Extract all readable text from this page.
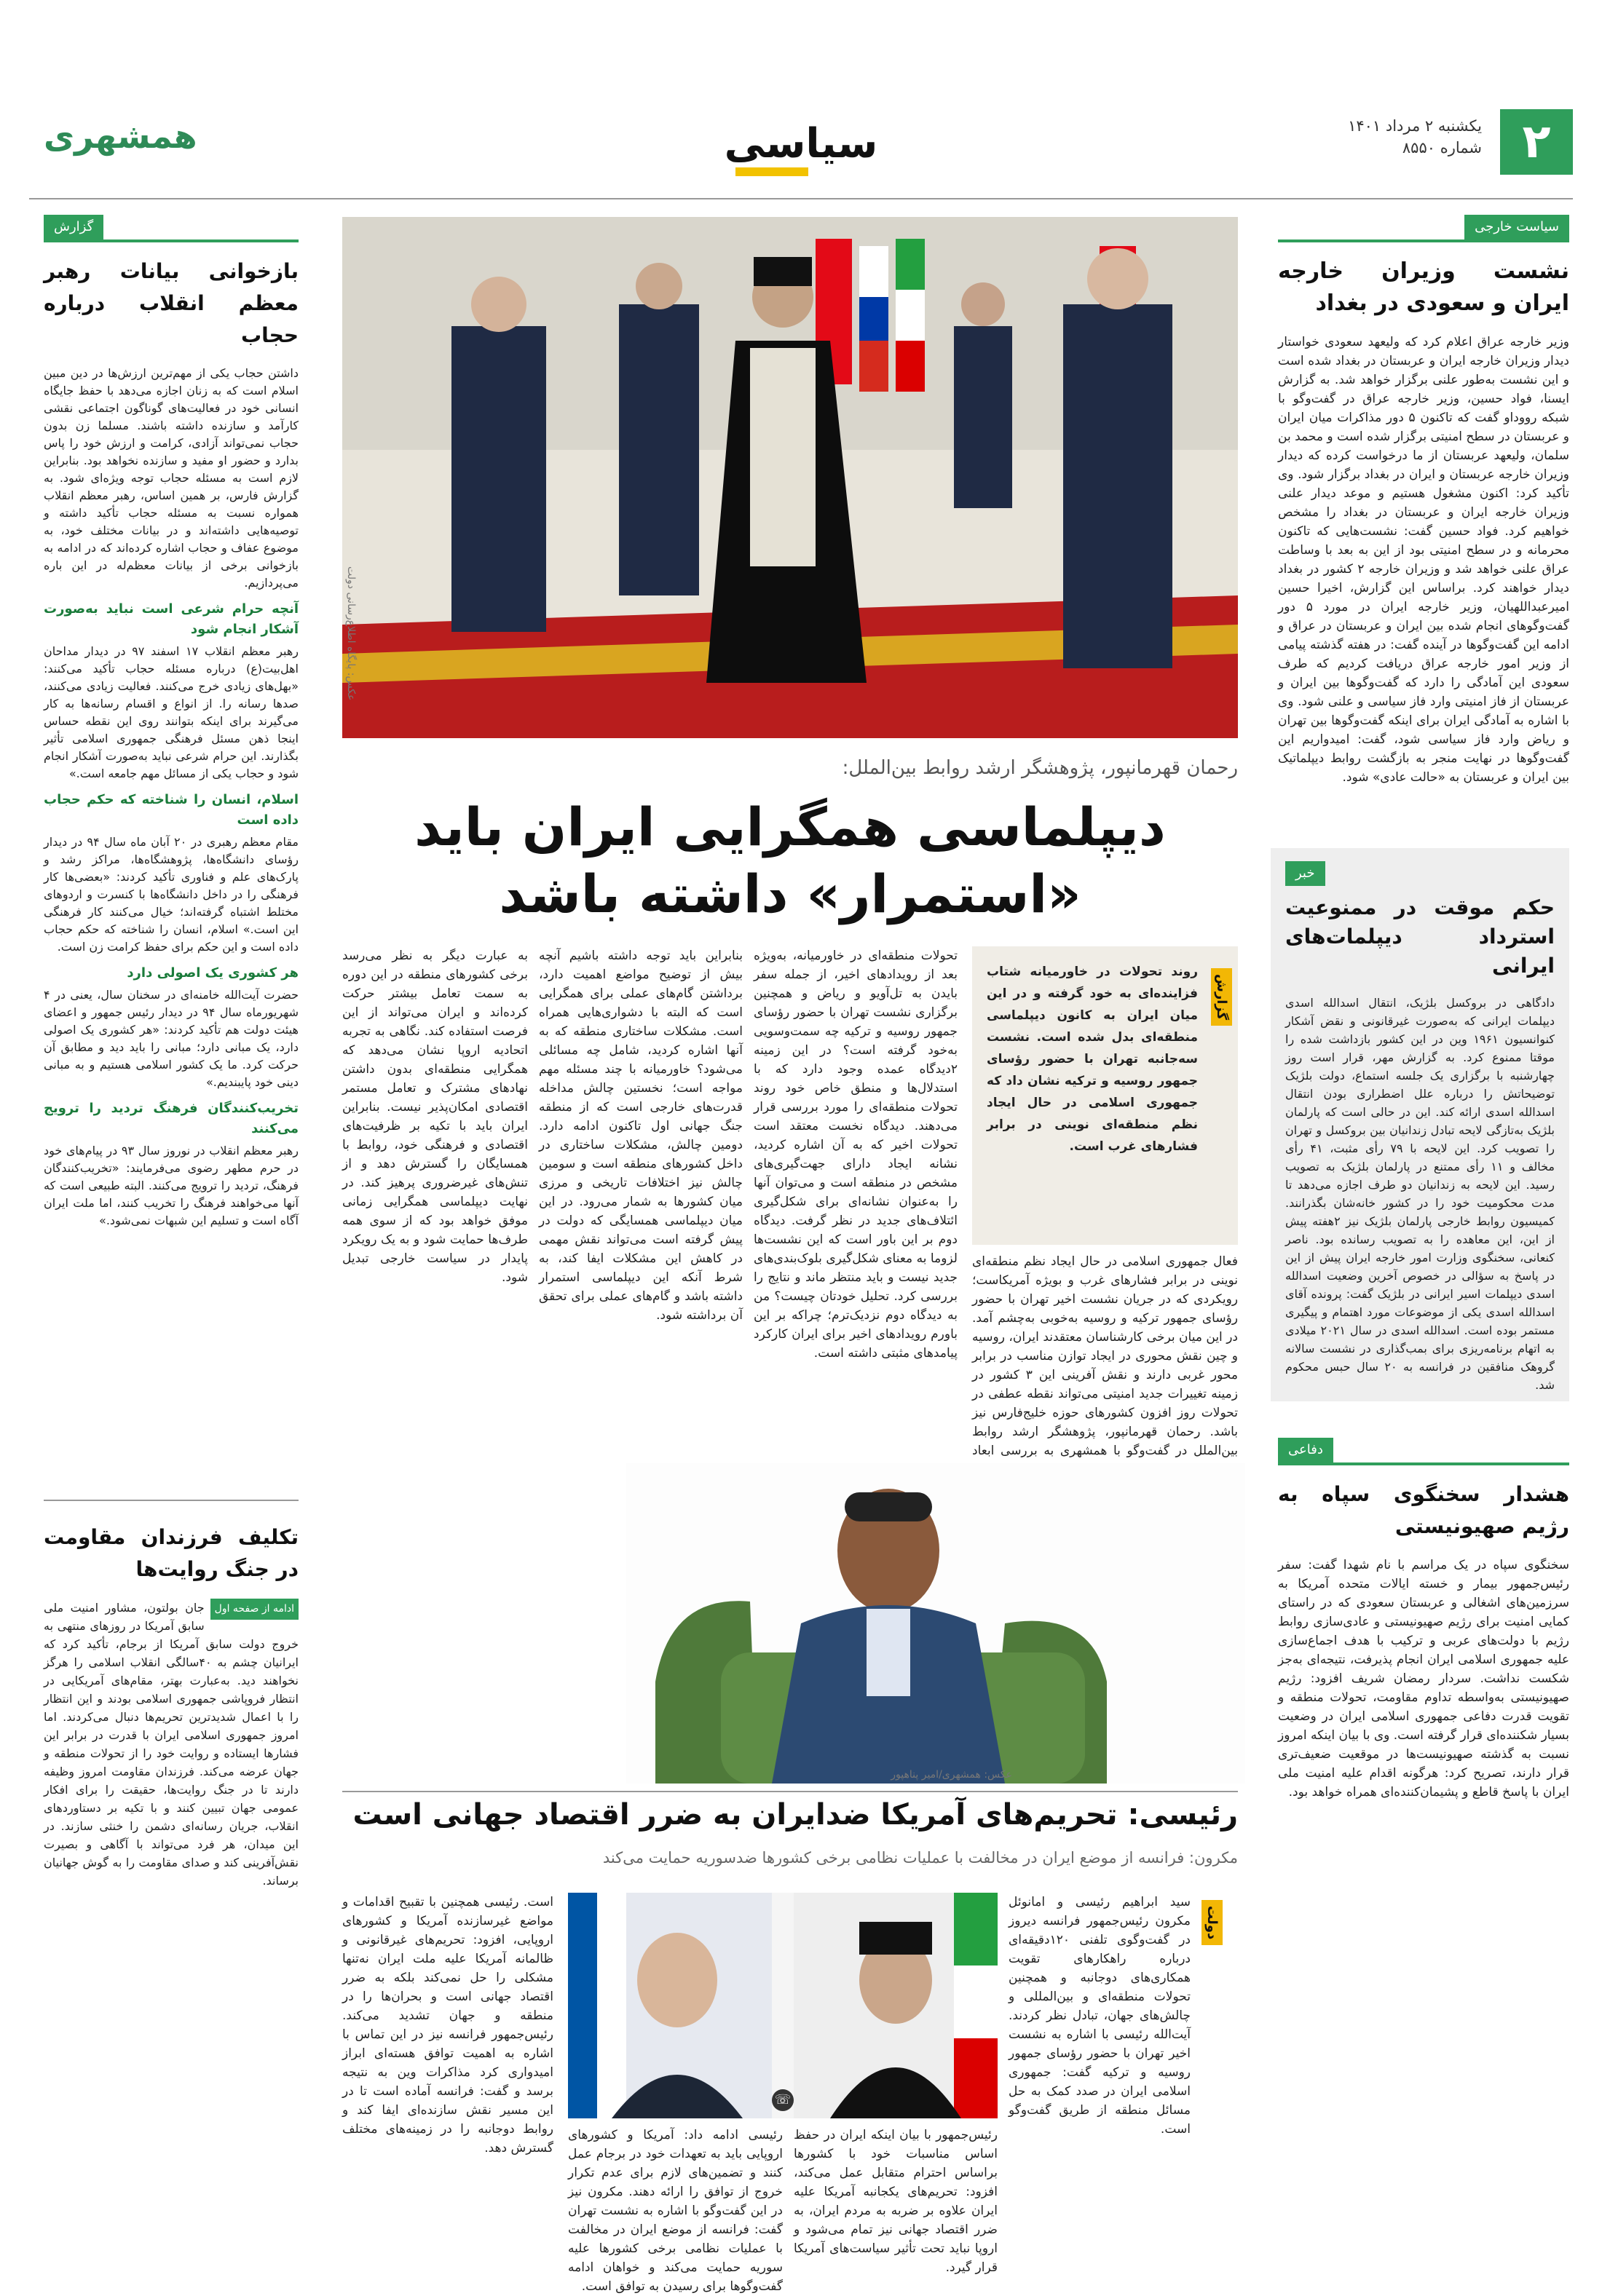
۲
یکشنبه ۲ مرداد ۱۴۰۱
شماره ۸۵۵۰
سیاسی
همشهری
سیاست خارجی
نشست وزیران خارجه ایران و سعودی در بغداد
وزیر خارجه عراق اعلام کرد که ولیعهد سعودی خواستار دیدار وزیران خارجه ایران و عربستان در بغداد شده است و این نشست به‌طور علنی برگزار خواهد شد. به گزارش ایسنا، فواد حسین، وزیر خارجه عراق در گفت‌وگو با شبکه رووداو گفت که تاکنون ۵ دور مذاکرات میان ایران و عربستان در سطح امنیتی برگزار شده است و محمد بن سلمان، ولیعهد عربستان از ما درخواست کرده که دیدار وزیران خارجه عربستان و ایران در بغداد برگزار شود. وی تأکید کرد: اکنون مشغول هستیم و موعد دیدار علنی وزیران خارجه ایران و عربستان در بغداد را مشخص خواهیم کرد. فواد حسین گفت: نشست‌هایی که تاکنون محرمانه و در سطح امنیتی بود از این به بعد با وساطت عراق علنی خواهد شد و وزیران خارجه ۲ کشور در بغداد دیدار خواهند کرد. براساس این گزارش، اخیرا حسین امیرعبداللهیان، وزیر خارجه ایران در مورد ۵ دور گفت‌وگوهای انجام شده بین ایران و عربستان در عراق و ادامه این گفت‌وگوها در آینده گفت: در هفته گذشته پیامی از وزیر امور خارجه عراق دریافت کردیم که طرف سعودی این آمادگی را دارد که گفت‌وگوها بین ایران و عربستان از فاز امنیتی وارد فاز سیاسی و علنی شود. وی با اشاره به آمادگی ایران برای اینکه گفت‌وگوها بین تهران و ریاض وارد فاز سیاسی شود، گفت: امیدواریم این گفت‌وگوها در نهایت منجر به بازگشت روابط دیپلماتیک بین ایران و عربستان به «حالت عادی» شود.
خبر
حکم موقت در ممنوعیت استرداد دیپلمات‌های ایرانی
دادگاهی در بروکسل بلژیک، انتقال اسدالله اسدی دیپلمات ایرانی که به‌صورت غیرقانونی و نقض آشکار کنوانسیون ۱۹۶۱ وین در این کشور بازداشت شده را موقتا ممنوع کرد. به گزارش مهر، قرار است روز چهارشنبه با برگزاری یک جلسه استماع، دولت بلژیک توضیحاتش را درباره علل اضطراری بودن انتقال اسدالله اسدی ارائه کند. این در حالی است که پارلمان بلژیک به‌تازگی لایحه تبادل زندانیان بین بروکسل و تهران را تصویب کرد. این لایحه با ۷۹ رأی مثبت، ۴۱ رأی مخالف و ۱۱ رأی ممتنع در پارلمان بلژیک به تصویب رسید. این لایحه به زندانیان دو طرف اجازه می‌دهد تا مدت محکومیت خود را در کشور خانه‌شان بگذرانند. کمیسیون روابط خارجی پارلمان بلژیک نیز ۲هفته پیش از این، این معاهده را به تصویب رسانده بود. ناصر کنعانی، سخنگوی وزارت امور خارجه ایران پیش از این در پاسخ به سؤالی در خصوص آخرین وضعیت اسدالله اسدی دیپلمات اسیر ایرانی در بلژیک گفت: پرونده آقای اسدالله اسدی یکی از موضوعات مورد اهتمام و پیگیری مستمر بوده است. اسدالله اسدی در سال ۲۰۲۱ میلادی به اتهام برنامه‌ریزی برای بمب‌گذاری در نشست سالانه گروهک منافقین در فرانسه به ۲۰ سال حبس محکوم شد.
دفاعی
هشدار سخنگوی سپاه به رژیم صهیونیستی
سخنگوی سپاه در یک مراسم با نام شهدا گفت: سفر رئیس‌جمهور بیمار و خسته ایالات متحده آمریکا به سرزمین‌های اشغالی و عربستان سعودی که در راستای کمایی امنیت برای رژیم صهیونیستی و عادی‌سازی روابط رژیم با دولت‌های عربی و ترکیب با هدف اجماع‌سازی علیه جمهوری اسلامی ایران انجام پذیرفت، نتیجه‌ای به‌جز شکست نداشت. سردار رمضان شریف افزود: رژیم صهیونیستی به‌واسطه تداوم مقاومت، تحولات منطقه و تقویت قدرت دفاعی جمهوری اسلامی ایران در وضعیت بسیار شکننده‌ای قرار گرفته است. وی با بیان اینکه امروز نسبت به گذشته صهیونیست‌ها در موقعیت ضعیف‌تری قرار دارند، تصریح کرد: هرگونه اقدام علیه امنیت ملی ایران با پاسخ قاطع و پشیمان‌کننده‌ای همراه خواهد بود.
گزارش
بازخوانی بیانات رهبر معظم انقلاب درباره حجاب
داشتن حجاب یکی از مهم‌ترین ارزش‌ها در دین مبین اسلام است که به زنان اجازه می‌دهد با حفظ جایگاه انسانی خود در فعالیت‌های گوناگون اجتماعی نقشی کارآمد و سازنده داشته باشند. مسلما زن بدون حجاب نمی‌تواند آزادی، کرامت و ارزش خود را پاس بدارد و حضور او مفید و سازنده نخواهد بود. بنابراین لازم است به مسئله حجاب توجه ویژه‌ای شود. به گزارش فارس، بر همین اساس، رهبر معظم انقلاب همواره نسبت به مسئله حجاب تأکید داشته و توصیه‌هایی داشته‌اند و در بیانات مختلف خود، به موضوع عفاف و حجاب اشاره کرده‌اند که در ادامه به بازخوانی برخی از بیانات معظم‌له در این باره می‌پردازیم.
آنچه حرام شرعی است نباید به‌صورت آشکار انجام شود
رهبر معظم انقلاب ۱۷ اسفند ۹۷ در دیدار مداحان اهل‌بیت(ع) درباره مسئله حجاب تأکید می‌کنند: «بهل‌های زیادی خرج می‌کنند. فعالیت زیادی می‌کنند، صدها رسانه را. از انواع و اقسام رسانه‌ها به کار می‌گیرند برای اینکه بتوانند روی این نقطه حساس اینجا ذهن مسئل فرهنگی جمهوری اسلامی تأثیر بگذارند. این حرام شرعی نباید به‌صورت آشکار انجام شود و حجاب یکی از مسائل مهم جامعه است.»
اسلام، انسان را شناخته که حکم حجاب داده است
مقام معظم رهبری در ۲۰ آبان ماه سال ۹۴ در دیدار رؤسای دانشگاه‌ها، پژوهشگاه‌ها، مراکز رشد و پارک‌های علم و فناوری تأکید کردند: «بعضی‌ها کار فرهنگی را در داخل دانشگاه‌ها با کنسرت و اردوهای مختلط اشتباه گرفته‌اند؛ خیال می‌کنند کار فرهنگی این است.» اسلام، انسان را شناخته که حکم حجاب داده است و این حکم برای حفظ کرامت زن است.
هر کشوری یک اصولی دارد
حضرت آیت‌الله خامنه‌ای در سخنان سال، یعنی در ۴ شهریورماه سال ۹۴ در دیدار رئیس جمهور و اعضای هیئت دولت هم تأکید کردند: «هر کشوری یک اصولی دارد، یک مبانی دارد؛ مبانی را باید دید و مطابق آن حرکت کرد. ما یک کشور اسلامی هستیم و به مبانی دینی خود پایبندیم.»
تخریب‌کنندگان فرهنگ تردید را ترویج می‌کنند
رهبر معظم انقلاب در نوروز سال ۹۳ در پیام‌های خود در حرم مطهر رضوی می‌فرمایند: «تخریب‌کنندگان فرهنگ، تردید را ترویج می‌کنند. البته طبیعی است که آنها می‌خواهند فرهنگ را تخریب کنند، اما ملت ایران آگاه است و تسلیم این شبهات نمی‌شود.»
تکلیف فرزندان مقاومت در جنگ روایت‌ها
ادامه از صفحه اول
جان بولتون، مشاور امنیت ملی سابق آمریکا در روزهای منتهی به خروج دولت سابق آمریکا از برجام، تأکید کرد که ایرانیان چشم به ۴۰سالگی انقلاب اسلامی را هرگز نخواهند دید. به‌عبارت بهتر، مقام‌های آمریکایی در انتظار فروپاشی جمهوری اسلامی بودند و این انتظار را با اعمال شدیدترین تحریم‌ها دنبال می‌کردند. اما امروز جمهوری اسلامی ایران با قدرت در برابر این فشارها ایستاده و روایت خود را از تحولات منطقه و جهان عرضه می‌کند. فرزندان مقاومت امروز وظیفه دارند تا در جنگ روایت‌ها، حقیقت را برای افکار عمومی جهان تبیین کنند و با تکیه بر دستاوردهای انقلاب، جریان رسانه‌ای دشمن را خنثی سازند. در این میدان، هر فرد می‌تواند با آگاهی و بصیرت نقش‌آفرینی کند و صدای مقاومت را به گوش جهانیان برساند.
عکس: پایگاه اطلاع‌رسانی دولت
رحمان قهرمانپور، پژوهشگر ارشد روابط بین‌الملل:
دیپلماسی همگرایی ایران باید
«استمرار» داشته باشد
گزارش
روند تحولات در خاورمیانه شتاب فزاینده‌ای به خود گرفته و در این میان ایران به کانون دیپلماسی منطقه‌ای بدل شده است. نشست سه‌جانبه تهران با حضور رؤسای جمهور روسیه و ترکیه نشان داد که جمهوری اسلامی در حال ایجاد نظم منطقه‌ای نوینی در برابر فشارهای غرب است.
فعال جمهوری اسلامی در حال ایجاد نظم منطقه‌ای نوینی در برابر فشارهای غرب و بویژه آمریکاست؛ رویکردی که در جریان نشست اخیر تهران با حضور رؤسای جمهور ترکیه و روسیه به‌خوبی به‌چشم آمد. در این میان برخی کارشناسان معتقدند ایران، روسیه و چین نقش محوری در ایجاد توازن مناسب در برابر محور غربی دارند و نقش آفرینی این ۳ کشور در زمینه تغییرات جدید امنیتی می‌تواند نقطه عطفی در تحولات روز افزون کشورهای حوزه خلیج‌فارس نیز باشد. رحمان قهرمانپور، پژوهشگر ارشد روابط بین‌الملل در گفت‌وگو با همشهری به بررسی ابعاد
تحولات منطقه‌ای در خاورمیانه، به‌ویژه بعد از رویدادهای اخیر، از جمله سفر بایدن به تل‌آویو و ریاض و همچنین برگزاری نشست تهران با حضور رؤسای جمهور روسیه و ترکیه چه سمت‌وسویی به‌خود گرفته است؟ در این زمینه ۲دیدگاه عمده وجود دارد که با استدلال‌ها و منطق خاص خود روند تحولات منطقه‌ای را مورد بررسی قرار می‌دهند. دیدگاه نخست معتقد است تحولات اخیر که به آن اشاره کردید، نشانه ایجاد دارای جهت‌گیری‌های مشخص در منطقه است و می‌توان آنها را به‌عنوان نشانه‌ای برای شکل‌گیری ائتلاف‌های جدید در نظر گرفت. دیدگاه دوم بر این باور است که این نشست‌ها لزوما به معنای شکل‌گیری بلوک‌بندی‌های جدید نیست و باید منتظر ماند و نتایج را بررسی کرد. تحلیل خودتان چیست؟ من به دیدگاه دوم نزدیک‌ترم؛ چراکه بر این باورم رویدادهای اخیر برای ایران کارکرد پیامدهای مثبتی داشته است.
بنابراین باید توجه داشته باشیم آنچه بیش از توضیح مواضع اهمیت دارد، برداشتن گام‌های عملی برای همگرایی است که البته با دشواری‌هایی همراه است. مشکلات ساختاری منطقه که به آنها اشاره کردید، شامل چه مسائلی می‌شود؟ خاورمیانه با چند مسئله مهم مواجه است؛ نخستین چالش مداخله قدرت‌های خارجی است که از منطقه جنگ جهانی اول تاکنون ادامه دارد. دومین چالش، مشکلات ساختاری در داخل کشورهای منطقه است و سومین چالش نیز اختلافات تاریخی و مرزی میان کشورها به شمار می‌رود. در این میان دیپلماسی همسایگی که دولت در پیش گرفته است می‌تواند نقش مهمی در کاهش این مشکلات ایفا کند، به شرط آنکه این دیپلماسی استمرار داشته باشد و گام‌های عملی برای تحقق آن برداشته شود.
به عبارت دیگر به نظر می‌رسد برخی کشورهای منطقه در این دوره به سمت تعامل بیشتر حرکت کرده‌اند و ایران می‌تواند از این فرصت استفاده کند. نگاهی به تجربه اتحادیه اروپا نشان می‌دهد که همگرایی منطقه‌ای بدون داشتن نهادهای مشترک و تعامل مستمر اقتصادی امکان‌پذیر نیست. بنابراین ایران باید با تکیه بر ظرفیت‌های اقتصادی و فرهنگی خود، روابط با همسایگان را گسترش دهد و از تنش‌های غیرضروری پرهیز کند. در نهایت دیپلماسی همگرایی زمانی موفق خواهد بود که از سوی همه طرف‌ها حمایت شود و به یک رویکرد پایدار در سیاست خارجی تبدیل شود.
عکس: همشهری/امیر پناهپور
رئیسی: تحریم‌های آمریکا ضدایران به ضرر اقتصاد جهانی است
مکرون: فرانسه از موضع ایران در مخالفت با عملیات نظامی برخی کشورها ضدسوریه حمایت می‌کند
دولت
سید ابراهیم رئیسی و امانوئل مکرون رئیس‌جمهور فرانسه دیروز در گفت‌وگوی تلفنی ۱۲۰دقیقه‌ای درباره راهکارهای تقویت همکاری‌های دوجانبه و همچنین تحولات منطقه‌ای و بین‌المللی و چالش‌های جهان، تبادل نظر کردند. آیت‌الله رئیسی با اشاره به نشست اخیر تهران با حضور رؤسای جمهور روسیه و ترکیه گفت: جمهوری اسلامی ایران در صدد کمک به حل مسائل منطقه از طریق گفت‌وگو است.
☏
رئیس‌جمهور با بیان اینکه ایران در حفظ اساس مناسبات خود با کشورها براساس احترام متقابل عمل می‌کند، افزود: تحریم‌های یکجانبه آمریکا علیه ایران علاوه بر ضربه به مردم ایران، به ضرر اقتصاد جهانی نیز تمام می‌شود و اروپا نباید تحت تأثیر سیاست‌های آمریکا قرار گیرد.
رئیسی ادامه داد: آمریکا و کشورهای اروپایی باید به تعهدات خود در برجام عمل کنند و تضمین‌های لازم برای عدم تکرار خروج از توافق را ارائه دهند. مکرون نیز در این گفت‌وگو با اشاره به نشست تهران گفت: فرانسه از موضع ایران در مخالفت با عملیات نظامی برخی کشورها علیه سوریه حمایت می‌کند و خواهان ادامه گفت‌وگوها برای رسیدن به توافق است.
است. رئیسی همچنین با تقبیح اقدامات و مواضع غیرسازنده آمریکا و کشورهای اروپایی، افزود: تحریم‌های غیرقانونی و ظالمانه آمریکا علیه ملت ایران نه‌تنها مشکلی را حل نمی‌کند بلکه به ضرر اقتصاد جهانی است و بحران‌ها را در منطقه و جهان تشدید می‌کند. رئیس‌جمهور فرانسه نیز در این تماس با اشاره به اهمیت توافق هسته‌ای ابراز امیدواری کرد مذاکرات وین به نتیجه برسد و گفت: فرانسه آماده است تا در این مسیر نقش سازنده‌ای ایفا کند و روابط دوجانبه را در زمینه‌های مختلف گسترش دهد.
